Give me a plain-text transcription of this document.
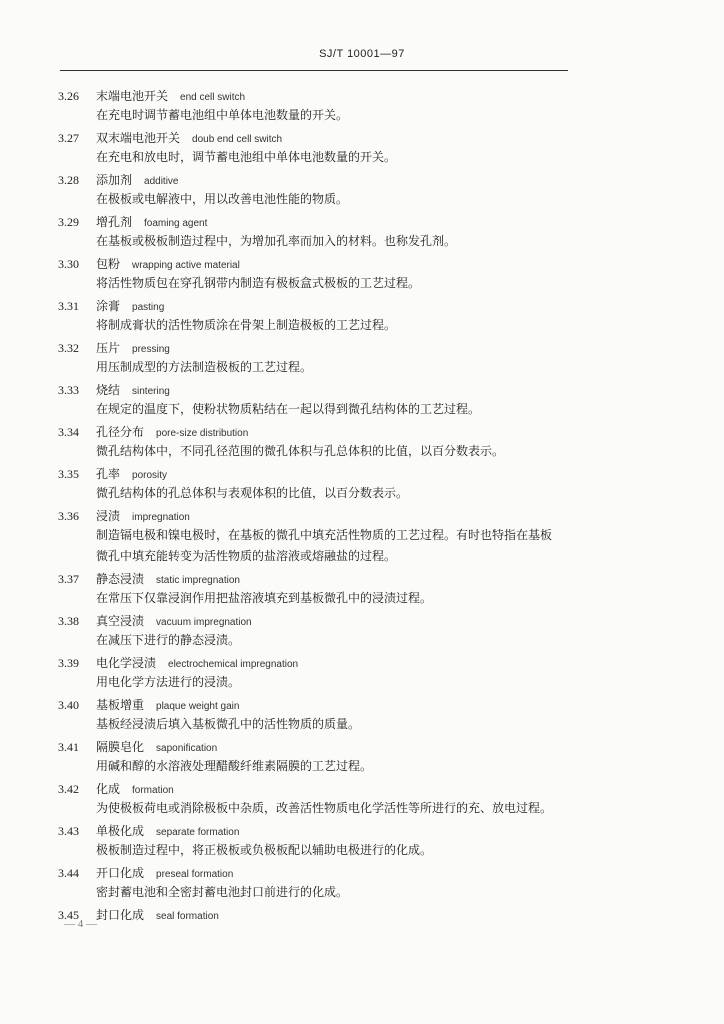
SJ/T 10001—97
3.26 末端电池开关 end cell switch
在充电时调节蓄电池组中单体电池数量的开关。
3.27 双末端电池开关 doub end cell switch
在充电和放电时，调节蓄电池组中单体电池数量的开关。
3.28 添加剂 additive
在极板或电解液中，用以改善电池性能的物质。
3.29 增孔剂 foaming agent
在基板或极板制造过程中，为增加孔率而加入的材料。也称发孔剂。
3.30 包粉 wrapping active material
将活性物质包在穿孔钢带内制造有极板盒式极板的工艺过程。
3.31 涂膏 pasting
将制成膏状的活性物质涂在骨架上制造极板的工艺过程。
3.32 压片 pressing
用压制成型的方法制造极板的工艺过程。
3.33 烧结 sintering
在规定的温度下，使粉状物质粘结在一起以得到微孔结构体的工艺过程。
3.34 孔径分布 pore-size distribution
微孔结构体中，不同孔径范围的微孔体积与孔总体积的比值，以百分数表示。
3.35 孔率 porosity
微孔结构体的孔总体积与表观体积的比值，以百分数表示。
3.36 浸渍 impregnation
制造镉电极和镍电极时，在基板的微孔中填充活性物质的工艺过程。有时也特指在基板
微孔中填充能转变为活性物质的盐溶液或熔融盐的过程。
3.37 静态浸渍 static impregnation
在常压下仅靠浸润作用把盐溶液填充到基板微孔中的浸渍过程。
3.38 真空浸渍 vacuum impregnation
在减压下进行的静态浸渍。
3.39 电化学浸渍 electrochemical impregnation
用电化学方法进行的浸渍。
3.40 基板增重 plaque weight gain
基板经浸渍后填入基板微孔中的活性物质的质量。
3.41 隔膜皂化 saponification
用碱和醇的水溶液处理醋酸纤维素隔膜的工艺过程。
3.42 化成 formation
为使极板荷电或消除极板中杂质，改善活性物质电化学活性等所进行的充、放电过程。
3.43 单极化成 separate formation
极板制造过程中，将正极板或负极板配以辅助电极进行的化成。
3.44 开口化成 preseal formation
密封蓄电池和全密封蓄电池封口前进行的化成。
3.45 封口化成 seal formation
— 4 —
